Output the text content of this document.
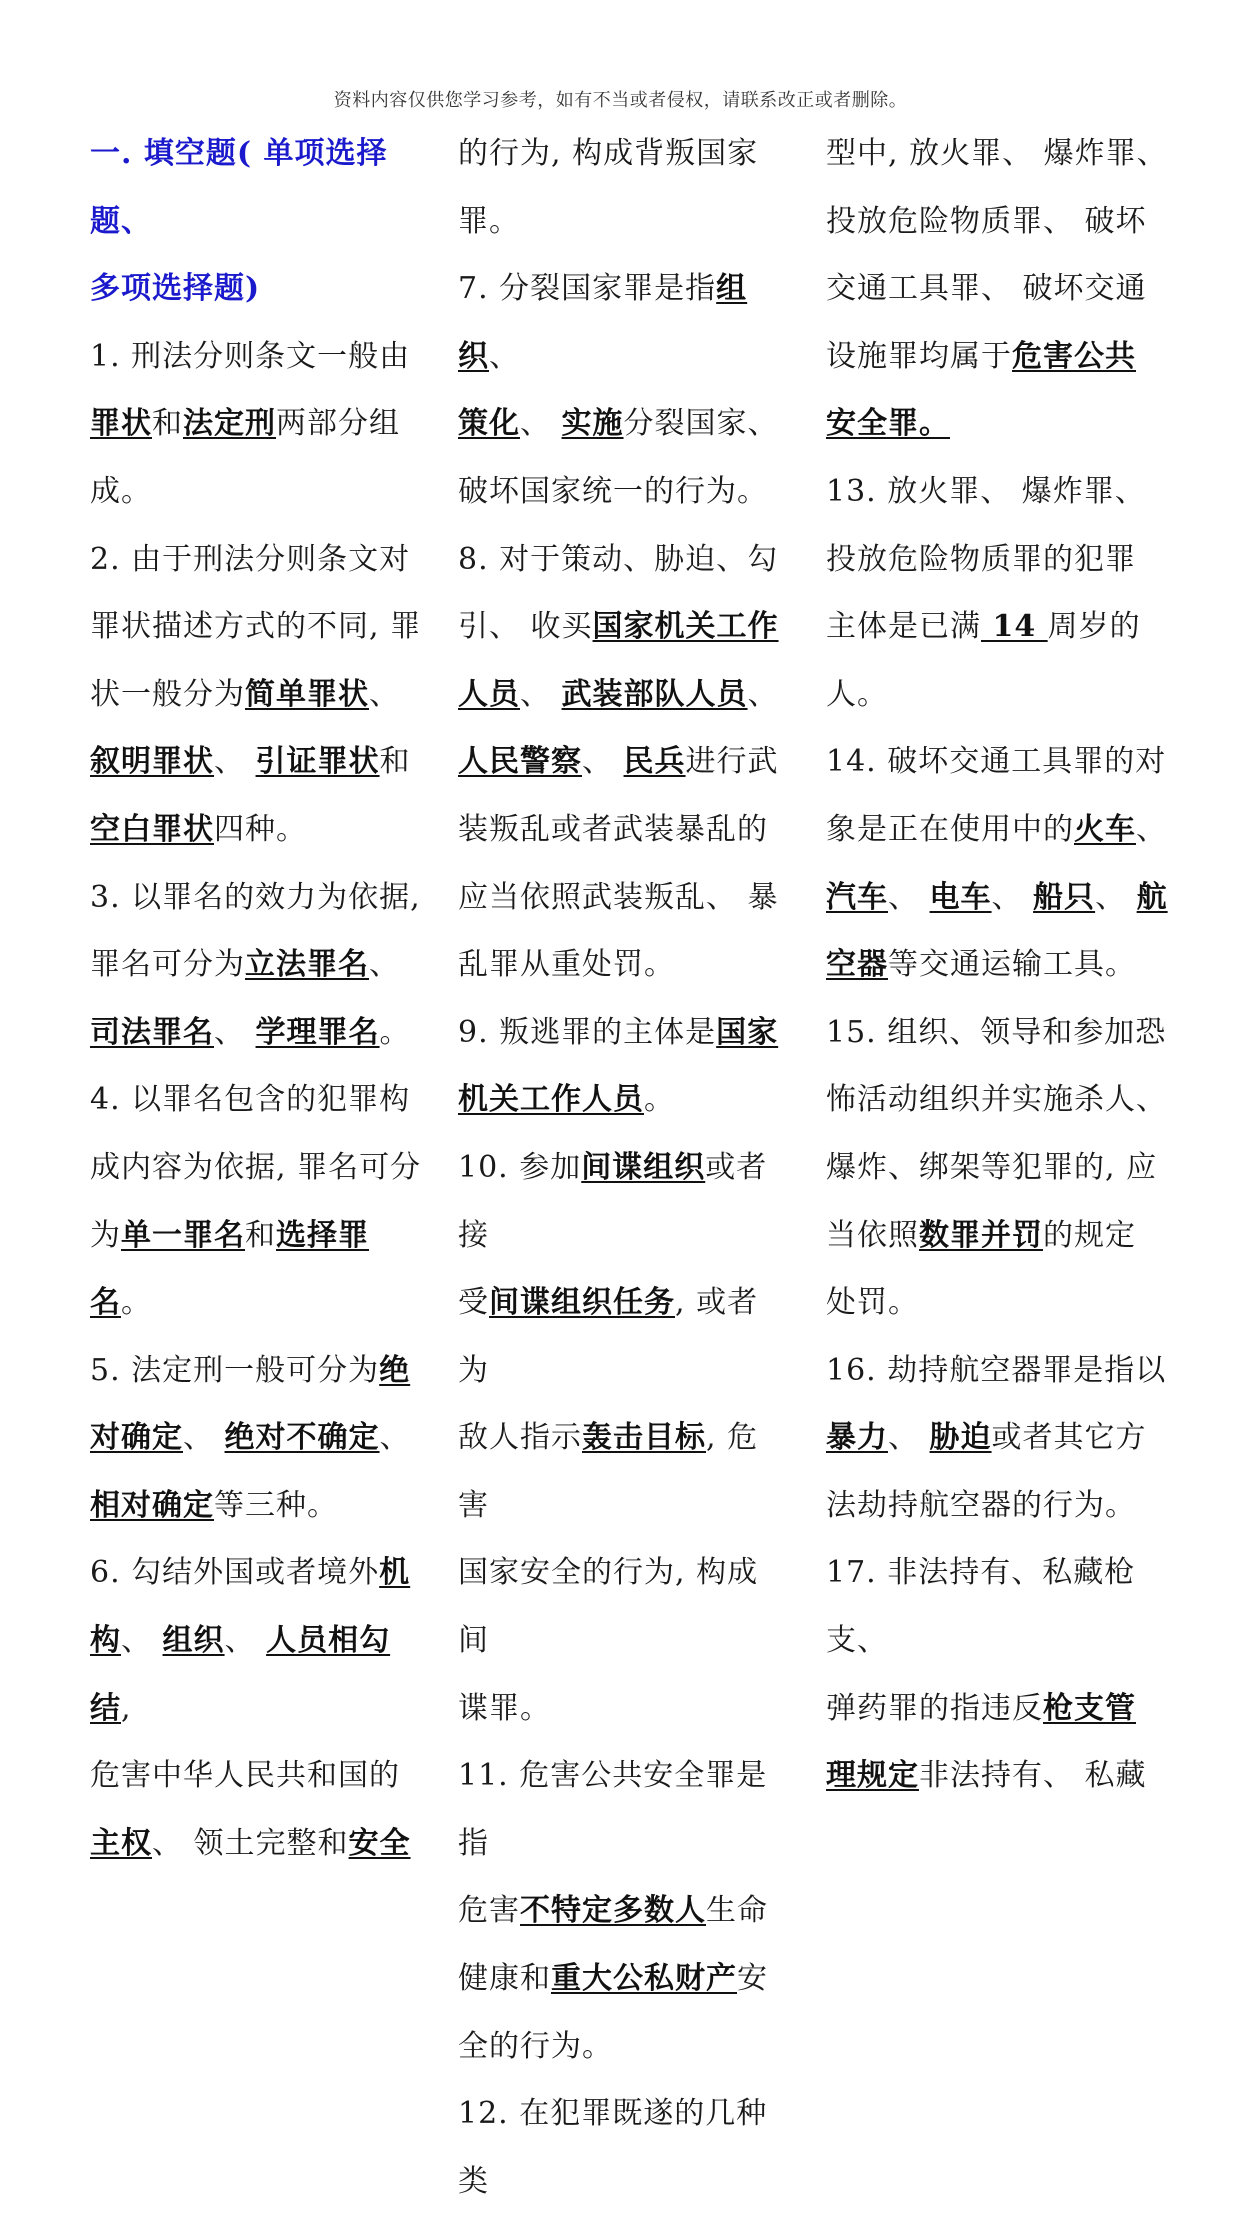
资料内容仅供您学习参考，如有不当或者侵权，请联系改正或者删除。
一. 填空题( 单项选择题、
多项选择题)
1. 刑法分则条文一般由
罪状和法定刑两部分组
成。
2. 由于刑法分则条文对
罪状描述方式的不同, 罪
状一般分为简单罪状、
叙明罪状、 引证罪状和
空白罪状四种。
3. 以罪名的效力为依据,
罪名可分为立法罪名、
司法罪名、 学理罪名。
4. 以罪名包含的犯罪构
成内容为依据, 罪名可分
为单一罪名和选择罪名。
5. 法定刑一般可分为绝
对确定、 绝对不确定、
相对确定等三种。
6. 勾结外国或者境外机
构、 组织、 人员相勾结,
危害中华人民共和国的
主权、 领土完整和安全
的行为, 构成背叛国家罪。
7. 分裂国家罪是指组织、
策化、 实施分裂国家、
破坏国家统一的行为。
8. 对于策动、胁迫、勾
引、 收买国家机关工作
人员、 武装部队人员、
人民警察、 民兵进行武
装叛乱或者武装暴乱的
应当依照武装叛乱、 暴
乱罪从重处罚。
9. 叛逃罪的主体是国家
机关工作人员。
10. 参加间谍组织或者接
受间谍组织任务, 或者为
敌人指示轰击目标, 危害
国家安全的行为, 构成间
谍罪。
11. 危害公共安全罪是指
危害不特定多数人生命
健康和重大公私财产安
全的行为。
12. 在犯罪既遂的几种类
型中, 放火罪、 爆炸罪、
投放危险物质罪、 破坏
交通工具罪、 破坏交通
设施罪均属于危害公共
安全罪。
13. 放火罪、 爆炸罪、
投放危险物质罪的犯罪
主体是已满 14 周岁的人。
14. 破坏交通工具罪的对
象是正在使用中的火车、
汽车、 电车、 船只、 航
空器等交通运输工具。
15. 组织、领导和参加恐
怖活动组织并实施杀人、
爆炸、绑架等犯罪的, 应
当依照数罪并罚的规定
处罚。
16. 劫持航空器罪是指以
暴力、 胁迫或者其它方
法劫持航空器的行为。
17. 非法持有、私藏枪支、
弹药罪的指违反枪支管
理规定非法持有、 私藏
